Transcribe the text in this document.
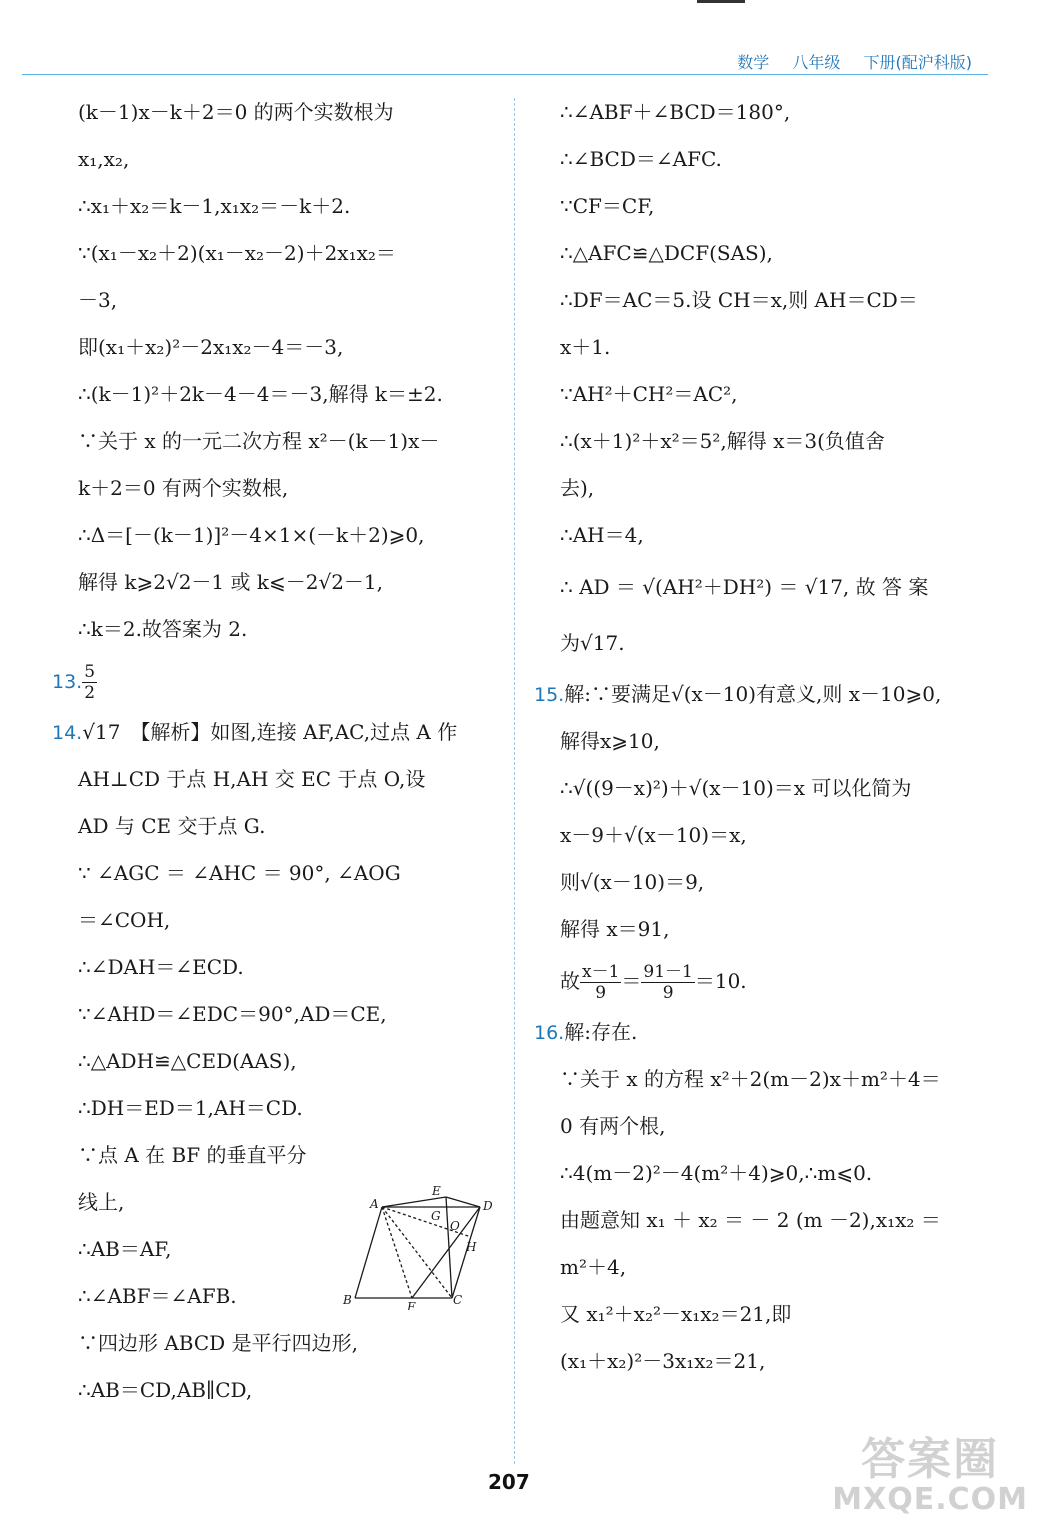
数学 八年级 下册(配沪科版)
(k－1)x－k＋2＝0 的两个实数根为
x₁,x₂,
∴x₁＋x₂＝k－1,x₁x₂＝－k＋2.
∵(x₁－x₂＋2)(x₁－x₂－2)＋2x₁x₂＝
－3,
即(x₁＋x₂)²－2x₁x₂－4＝－3,
∴(k－1)²＋2k－4－4＝－3,解得 k＝±2.
∵关于 x 的一元二次方程 x²－(k－1)x－
k＋2＝0 有两个实数根,
∴Δ＝[－(k－1)]²－4×1×(－k＋2)⩾0,
解得 k⩾2√2－1 或 k⩽－2√2－1,
∴k＝2.故答案为 2.
13. $\frac{5}{2}$
14.√17　【解析】如图,连接 AF,AC,过点 A 作
AH⊥CD 于点 H,AH 交 EC 于点 O,设
AD 与 CE 交于点 G.
∵ ∠AGC ＝ ∠AHC ＝ 90°, ∠AOG
＝∠COH,
∴∠DAH＝∠ECD.
∵∠AHD＝∠EDC＝90°,AD＝CE,
∴△ADH≌△CED(AAS),
∴DH＝ED＝1,AH＝CD.
∵点 A 在 BF 的垂直平分
线上,
∴AB＝AF,
∴∠ABF＝∠AFB.
∵四边形 ABCD 是平行四边形,
∴AB＝CD,AB∥CD,
A
E
D
G
O
H
B	F	C
∴∠ABF＋∠BCD＝180°,
∴∠BCD＝∠AFC.
∵CF＝CF,
∴△AFC≌△DCF(SAS),
∴DF＝AC＝5.设 CH＝x,则 AH＝CD＝
x＋1.
∵AH²＋CH²＝AC²,
∴(x＋1)²＋x²＝5²,解得 x＝3(负值舍
去),
∴AH＝4,
∴ AD ＝ √(AH²＋DH²) ＝ √17, 故 答 案
为√17.
15.解:∵要满足√(x－10)有意义,则 x－10⩾0,
解得x⩾10,
∴√((9－x)²)＋√(x－10)＝x 可以化简为
x－9＋√(x－10)＝x,
则√(x－10)＝9,
解得 x＝91,
故 $\frac{x-1}{9} = \frac{91-1}{9} =10$.
16.解:存在.
∵关于 x 的方程 x²＋2(m－2)x＋m²＋4＝
0 有两个根,
∴4(m－2)²－4(m²＋4)⩾0,∴m⩽0.
由题意知 x₁ ＋ x₂ ＝ － 2 (m －2),x₁x₂ ＝
m²＋4,
又 x₁²＋x₂²－x₁x₂＝21,即
(x₁＋x₂)²－3x₁x₂＝21,
207	答案圈
MXQE.COM
